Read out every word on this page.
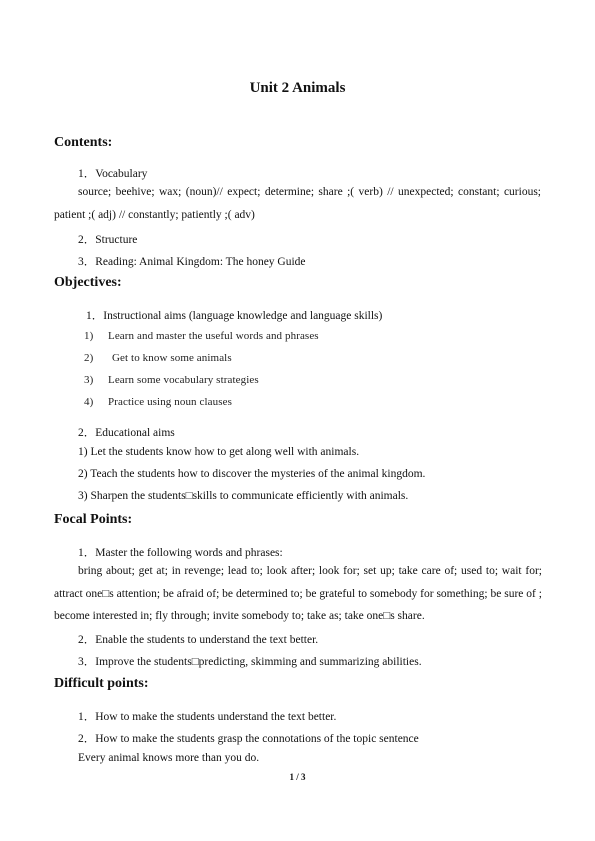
Unit 2 Animals
Contents:
1．Vocabulary
source; beehive; wax; (noun)// expect; determine; share ;( verb) // unexpected; constant; curious; patient ;( adj) // constantly; patiently ;( adv)
2．Structure
3．Reading: Animal Kingdom: The honey Guide
Objectives:
1．Instructional aims (language knowledge and language skills)
1) Learn and master the useful words and phrases
2) Get to know some animals
3) Learn some vocabulary strategies
4) Practice using noun clauses
2．Educational aims
1) Let the students know how to get along well with animals.
2) Teach the students how to discover the mysteries of the animal kingdom.
3) Sharpen the students□skills to communicate efficiently with animals.
Focal Points:
1．Master the following words and phrases:
bring about; get at; in revenge; lead to; look after; look for; set up; take care of; used to; wait for; attract one□s attention; be afraid of; be determined to; be grateful to somebody for something; be sure of ; become interested in; fly through; invite somebody to; take as; take one□s share.
2．Enable the students to understand the text better.
3．Improve the students□predicting, skimming and summarizing abilities.
Difficult points:
1．How to make the students understand the text better.
2．How to make the students grasp the connotations of the topic sentence
Every animal knows more than you do.
1 / 3
